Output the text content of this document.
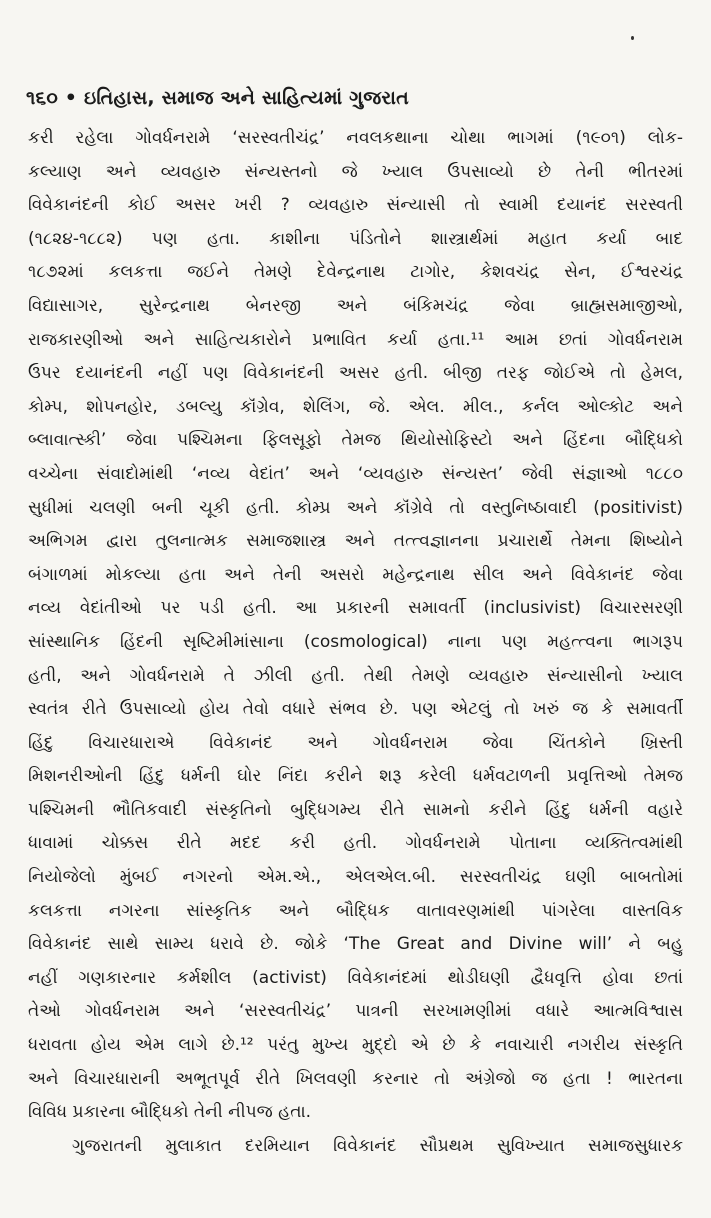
૧૬૦ • ઇતિહાસ, સમાજ અને સાહિત્યમાં ગુજરાત
કરી રહેલા ગોવર્ધનરામે ‘સરસ્વતીચંદ્ર’ નવલકથાના ચોથા ભાગમાં (૧૯૦૧) લોક-
કલ્યાણ અને વ્યવહારુ સંન્યસ્તનો જે ખ્યાલ ઉપસાવ્યો છે તેની ભીતરમાં
વિવેકાનંદની કોઈ અસર ખરી ? વ્યવહારુ સંન્યાસી તો સ્વામી દયાનંદ સરસ્વતી
(૧૮૨૪-૧૮૮૨) પણ હતા. કાશીના પંડિતોને શાસ્ત્રાર્થમાં મહાત કર્યા બાદ
૧૮૭૨માં કલકત્તા જઈને તેમણે દેવેન્દ્રનાથ ટાગોર, કેશવચંદ્ર સેન, ઈશ્વરચંદ્ર
વિદ્યાસાગર, સુરેન્દ્રનાથ બેનરજી અને બંકિમચંદ્ર જેવા બ્રાહ્મસમાજીઓ,
રાજકારણીઓ અને સાહિત્યકારોને પ્રભાવિત કર્યા હતા.¹¹ આમ છતાં ગોવર્ધનરામ
ઉપર દયાનંદની નહીં પણ વિવેકાનંદની અસર હતી. બીજી તરફ જોઈએ તો હેમલ,
કોમ્પ, શોપનહોર, ડબલ્યુ કૉંગ્રેવ, શેલિંગ, જે. એલ. મીલ., કર્નલ ઓલ્કોટ અને
બ્લાવાત્સ્કી’ જેવા પશ્ચિમના ફિલસૂફો તેમજ થિયોસોફિસ્ટો અને હિંદના બૌદ્ધિકો
વચ્ચેના સંવાદોમાંથી ‘નવ્ય વેદાંત’ અને ‘વ્યવહારુ સંન્યસ્ત’ જેવી સંજ્ઞાઓ ૧૮૮૦
સુધીમાં ચલણી બની ચૂકી હતી. કોમ્પ્ર અને કૉંગ્રેવે તો વસ્તુનિષ્ઠાવાદી (positivist)
અભિગમ દ્વારા તુલનાત્મક સમાજશાસ્ત્ર અને તત્ત્વજ્ઞાનના પ્રચારાર્થે તેમના શિષ્યોને
બંગાળમાં મોકલ્યા હતા અને તેની અસરો મહેન્દ્રનાથ સીલ અને વિવેકાનંદ જેવા
નવ્ય વેદાંતીઓ પર પડી હતી. આ પ્રકારની સમાવર્તી (inclusivist) વિચારસરણી
સાંસ્થાનિક હિંદની સૃષ્ટિમીમાંસાના (cosmological) નાના પણ મહત્ત્વના ભાગરૂપ
હતી, અને ગોવર્ધનરામે તે ઝીલી હતી. તેથી તેમણે વ્યવહારુ સંન્યાસીનો ખ્યાલ
સ્વતંત્ર રીતે ઉપસાવ્યો હોય તેવો વધારે સંભવ છે. પણ એટલું તો ખરું જ કે સમાવર્તી
હિંદુ વિચારધારાએ વિવેકાનંદ અને ગોવર્ધનરામ જેવા ચિંતકોને ખ્રિસ્તી
મિશનરીઓની હિંદુ ધર્મની ઘોર નિંદા કરીને શરૂ કરેલી ધર્મવટાળની પ્રવૃત્તિઓ તેમજ
પશ્ચિમની ભૌતિકવાદી સંસ્કૃતિનો બુદ્ધિગમ્ય રીતે સામનો કરીને હિંદુ ધર્મની વહારે
ધાવામાં ચોક્કસ રીતે મદદ કરી હતી. ગોવર્ધનરામે પોતાના વ્યક્તિત્વમાંથી
નિયોજેલો મુંબઈ નગરનો એમ.એ., એલએલ.બી. સરસ્વતીચંદ્ર ઘણી બાબતોમાં
કલકત્તા નગરના સાંસ્કૃતિક અને બૌદ્ધિક વાતાવરણમાંથી પાંગરેલા વાસ્તવિક
વિવેકાનંદ સાથે સામ્ય ધરાવે છે. જોકે ‘The Great and Divine will’ ને બહુ
નહીં ગણકારનાર કર્મશીલ (activist) વિવેકાનંદમાં થોડીઘણી દ્વૈધવૃત્તિ હોવા છતાં
તેઓ ગોવર્ધનરામ અને ‘સરસ્વતીચંદ્ર’ પાત્રની સરખામણીમાં વધારે આત્મવિશ્વાસ
ધરાવતા હોય એમ લાગે છે.¹² પરંતુ મુખ્ય મુદ્દો એ છે કે નવાચારી નગરીય સંસ્કૃતિ
અને વિચારધારાની અભૂતપૂર્વ રીતે ખિલવણી કરનાર તો અંગ્રેજો જ હતા ! ભારતના
વિવિધ પ્રકારના બૌદ્ધિકો તેની નીપજ હતા.
ગુજરાતની મુલાકાત દરમિયાન વિવેકાનંદ સૌપ્રથમ સુવિખ્યાત સમાજસુધારક
